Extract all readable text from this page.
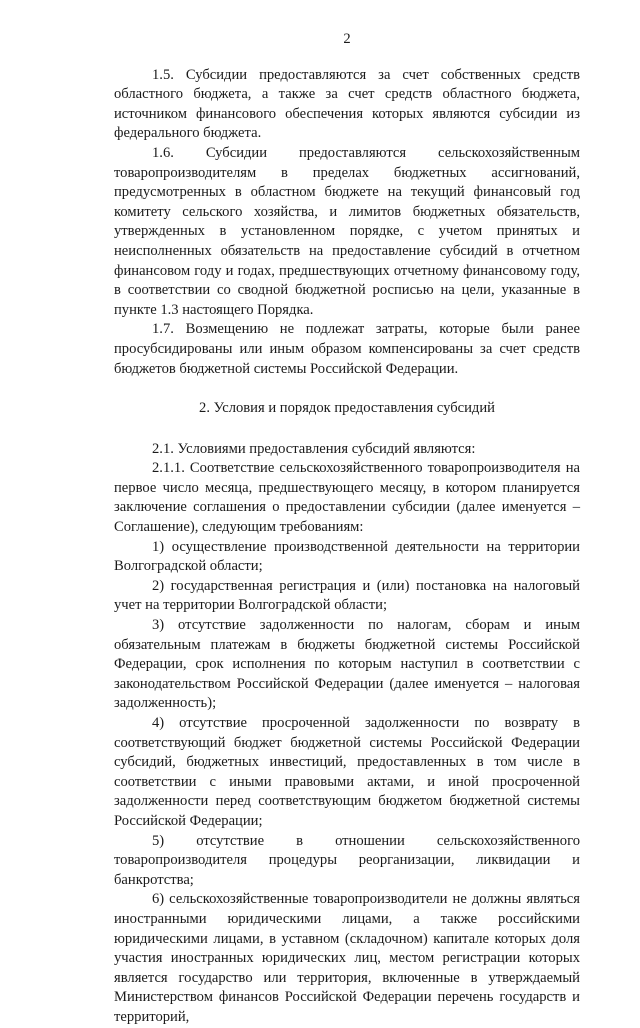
2

1.5. Субсидии предоставляются за счет собственных средств областного бюджета, а также за счет средств областного бюджета, источником финансового обеспечения которых являются субсидии из федерального бюджета.

1.6. Субсидии предоставляются сельскохозяйственным товаропроизводителям в пределах бюджетных ассигнований, предусмотренных в областном бюджете на текущий финансовый год комитету сельского хозяйства, и лимитов бюджетных обязательств, утвержденных в установленном порядке, с учетом принятых и неисполненных обязательств на предоставление субсидий в отчетном финансовом году и годах, предшествующих отчетному финансовому году, в соответствии со сводной бюджетной росписью на цели, указанные в пункте 1.3 настоящего Порядка.

1.7. Возмещению не подлежат затраты, которые были ранее просубсидированы или иным образом компенсированы за счет средств бюджетов бюджетной системы Российской Федерации.

2. Условия и порядок предоставления субсидий

2.1. Условиями предоставления субсидий являются:

2.1.1. Соответствие сельскохозяйственного товаропроизводителя на первое число месяца, предшествующего месяцу, в котором планируется заключение соглашения о предоставлении субсидии (далее именуется – Соглашение), следующим требованиям:

1) осуществление производственной деятельности на территории Волгоградской области;

2) государственная регистрация и (или) постановка на налоговый учет на территории Волгоградской области;

3) отсутствие задолженности по налогам, сборам и иным обязательным платежам в бюджеты бюджетной системы Российской Федерации, срок исполнения по которым наступил в соответствии с законодательством Российской Федерации (далее именуется – налоговая задолженность);

4) отсутствие просроченной задолженности по возврату в соответствующий бюджет бюджетной системы Российской Федерации субсидий, бюджетных инвестиций, предоставленных в том числе в соответствии с иными правовыми актами, и иной просроченной задолженности перед соответствующим бюджетом бюджетной системы Российской Федерации;

5) отсутствие в отношении сельскохозяйственного товаропроизводителя процедуры реорганизации, ликвидации и банкротства;

6) сельскохозяйственные товаропроизводители не должны являться иностранными юридическими лицами, а также российскими юридическими лицами, в уставном (складочном) капитале которых доля участия иностранных юридических лиц, местом регистрации которых является государство или территория, включенные в утверждаемый Министерством финансов Российской Федерации перечень государств и территорий,
